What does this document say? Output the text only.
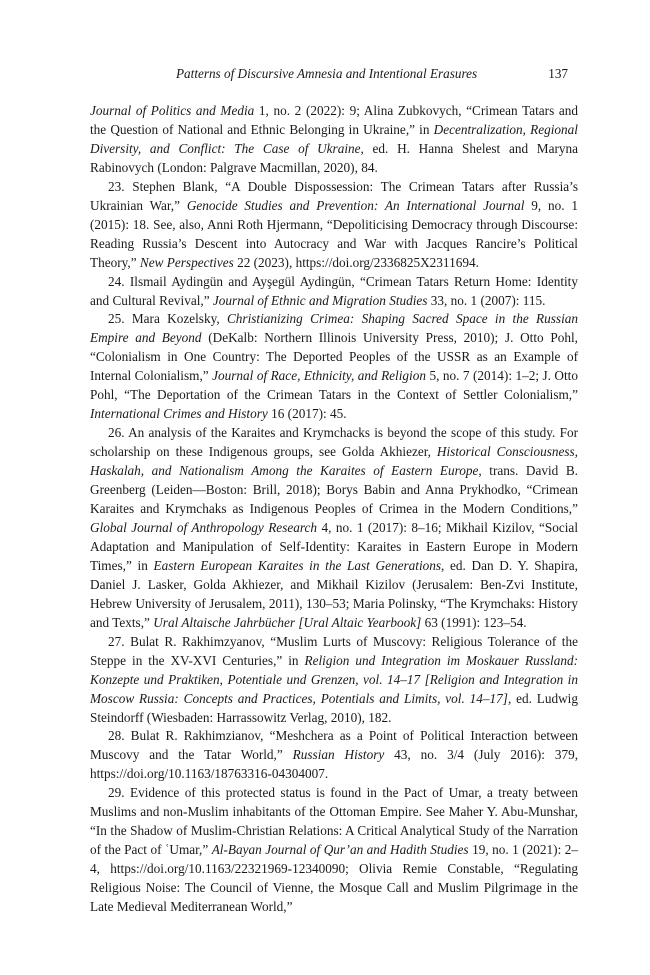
Patterns of Discursive Amnesia and Intentional Erasures	137

Journal of Politics and Media 1, no. 2 (2022): 9; Alina Zubkovych, “Crimean Tatars and the Question of National and Ethnic Belonging in Ukraine,” in Decentralization, Regional Diversity, and Conflict: The Case of Ukraine, ed. H. Hanna Shelest and Maryna Rabinovych (London: Palgrave Macmillan, 2020), 84.

23. Stephen Blank, “A Double Dispossession: The Crimean Tatars after Russia’s Ukrainian War,” Genocide Studies and Prevention: An International Journal 9, no. 1 (2015): 18. See, also, Anni Roth Hjermann, “Depoliticising Democracy through Discourse: Reading Russia’s Descent into Autocracy and War with Jacques Rancire’s Political Theory,” New Perspectives 22 (2023), https://doi.org/2336825X2311694.

24. Ilsmail Aydingün and Ayşegül Aydingün, “Crimean Tatars Return Home: Identity and Cultural Revival,” Journal of Ethnic and Migration Studies 33, no. 1 (2007): 115.

25. Mara Kozelsky, Christianizing Crimea: Shaping Sacred Space in the Russian Empire and Beyond (DeKalb: Northern Illinois University Press, 2010); J. Otto Pohl, “Colonialism in One Country: The Deported Peoples of the USSR as an Example of Internal Colonialism,” Journal of Race, Ethnicity, and Religion 5, no. 7 (2014): 1–2; J. Otto Pohl, “The Deportation of the Crimean Tatars in the Context of Settler Colonialism,” International Crimes and History 16 (2017): 45.

26. An analysis of the Karaites and Krymchacks is beyond the scope of this study. For scholarship on these Indigenous groups, see Golda Akhiezer, Historical Consciousness, Haskalah, and Nationalism Among the Karaites of Eastern Europe, trans. David B. Greenberg (Leiden—Boston: Brill, 2018); Borys Babin and Anna Prykhodko, “Crimean Karaites and Krymchaks as Indigenous Peoples of Crimea in the Modern Conditions,” Global Journal of Anthropology Research 4, no. 1 (2017): 8–16; Mikhail Kizilov, “Social Adaptation and Manipulation of Self-Identity: Karaites in Eastern Europe in Modern Times,” in Eastern European Karaites in the Last Generations, ed. Dan D. Y. Shapira, Daniel J. Lasker, Golda Akhiezer, and Mikhail Kizilov (Jerusalem: Ben-Zvi Institute, Hebrew University of Jerusalem, 2011), 130–53; Maria Polinsky, “The Krymchaks: History and Texts,” Ural Altaische Jahrbücher [Ural Altaic Yearbook] 63 (1991): 123–54.

27. Bulat R. Rakhimzyanov, “Muslim Lurts of Muscovy: Religious Tolerance of the Steppe in the XV-XVI Centuries,” in Religion und Integration im Moskauer Russland: Konzepte und Praktiken, Potentiale und Grenzen, vol. 14–17 [Religion and Integration in Moscow Russia: Concepts and Practices, Potentials and Limits, vol. 14–17], ed. Ludwig Steindorff (Wiesbaden: Harrassowitz Verlag, 2010), 182.

28. Bulat R. Rakhimzianov, “Meshchera as a Point of Political Interaction between Muscovy and the Tatar World,” Russian History 43, no. 3/4 (July 2016): 379, https://doi.org/10.1163/18763316-04304007.

29. Evidence of this protected status is found in the Pact of Umar, a treaty between Muslims and non-Muslim inhabitants of the Ottoman Empire. See Maher Y. Abu-Munshar, “In the Shadow of Muslim-Christian Relations: A Critical Analytical Study of the Narration of the Pact of ʿUmar,” Al-Bayan Journal of Qur’an and Hadith Studies 19, no. 1 (2021): 2–4, https://doi.org/10.1163/22321969-12340090; Olivia Remie Constable, “Regulating Religious Noise: The Council of Vienne, the Mosque Call and Muslim Pilgrimage in the Late Medieval Mediterranean World,”
